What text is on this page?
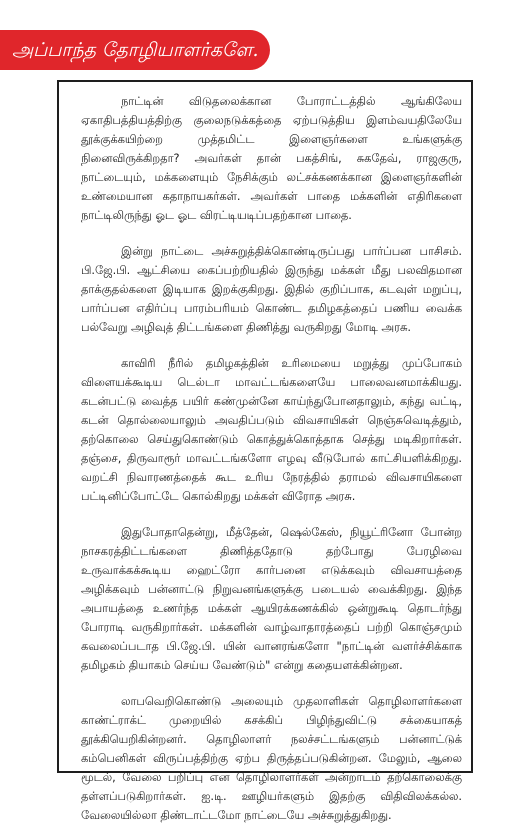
அப்பாந்த தோழியாளர்களே.

நாட்டின் விடுதலைக்கான போராட்டத்தில் ஆங்கிலேய ஏகாதிபத்தியத்திற்கு குலைநடுக்கத்தை ஏற்படுத்திய இளம்வயதிலேயே தூக்குக்கயிற்றை முத்தமிட்ட இளைஞர்களை உங்களுக்கு நினைவிருக்கிறதா? அவர்கள் தான் பகத்சிங், சுகதேவ், ராஜகுரு, நாட்டையும், மக்களையும் நேசிக்கும் லட்சக்கணக்கான இளைஞர்களின் உண்மையான கதாநாயகர்கள். அவர்கள் பாதை மக்களின் எதிரிகளை நாட்டிலிருந்து ஓட ஓட விரட்டியடிப்பதற்கான பாதை.

இன்று நாட்டை அச்சுறுத்திக்கொண்டிருப்பது பார்ப்பன பாசிசம். பி.ஜே.பி. ஆட்சியை கைப்பற்றியதில் இருந்து மக்கள் மீது பலவிதமான தாக்குதல்களை இடியாக இறக்குகிறது. இதில் குறிப்பாக, கடவுள் மறுப்பு, பார்ப்பன எதிர்ப்பு பாரம்பரியம் கொண்ட தமிழகத்தைப் பணிய வைக்க பல்வேறு அழிவுத் திட்டங்களை திணித்து வருகிறது மோடி அரசு.

காவிரி நீரில் தமிழகத்தின் உரிமையை மறுத்து முப்போகம் விளையக்கூடிய டெல்டா மாவட்டங்களையே பாலைவனமாக்கியது. கடன்பட்டு வைத்த பயிர் கண்முன்னே காய்ந்துபோனதாலும், கந்து வட்டி, கடன் தொல்லையாலும் அவதிப்படும் விவசாயிகள் நெஞ்சுவெடித்தும், தற்கொலை செய்துகொண்டும் கொத்துக்கொத்தாக செத்து மடிகிறார்கள். தஞ்சை, திருவாரூர் மாவட்டங்களோ எழவு வீடுபோல் காட்சியளிக்கிறது. வறட்சி நிவாரணத்தைக் கூட உரிய நேரத்தில் தராமல் விவசாயிகளை பட்டினிப்போட்டே கொல்கிறது மக்கள் விரோத அரசு.

இதுபோதாதென்று, மீத்தேன், ஷெல்கேஸ், நியூட்ரினோ போன்ற நாசகரத்திட்டங்களை திணித்ததோடு தற்போது பேரழிவை உருவாக்கக்கூடிய ஹைட்ரோ கார்பனை எடுக்கவும் விவசாயத்தை அழிக்கவும் பன்னாட்டு நிறுவனங்களுக்கு படையல் வைக்கிறது. இந்த அபாயத்தை உணர்ந்த மக்கள் ஆயிரக்கணக்கில் ஒன்றுகூடி தொடர்ந்து போராடி வருகிறார்கள். மக்களின் வாழ்வாதாரத்தைப் பற்றி கொஞ்சமும் கவலைப்படாத பி.ஜே.பி. யின் வானரங்களோ "நாட்டின் வளர்ச்சிக்காக தமிழகம் தியாகம் செய்ய வேண்டும்" என்று கதையளக்கின்றன.

லாபவெறிகொண்டு அலையும் முதலாளிகள் தொழிலாளர்களை காண்ட்ராக்ட் முறையில் கசக்கிப் பிழிந்துவிட்டு சக்கையாகத் தூக்கியெறிகின்றனர். தொழிலாளர் நலச்சட்டங்களும் பன்னாட்டுக் கம்பெனிகள் விருப்பத்திற்கு ஏற்ப திருத்தப்படுகின்றன. மேலும், ஆலை மூடல், வேலை பறிப்பு என தொழிலாளர்கள் அன்றாடம் தற்கொலைக்கு தள்ளப்படுகிறார்கள். ஐ.டி. ஊழியர்களும் இதற்கு விதிவிலக்கல்ல. வேலையில்லா திண்டாட்டமோ நாட்டையே அச்சுறுத்துகிறது.
